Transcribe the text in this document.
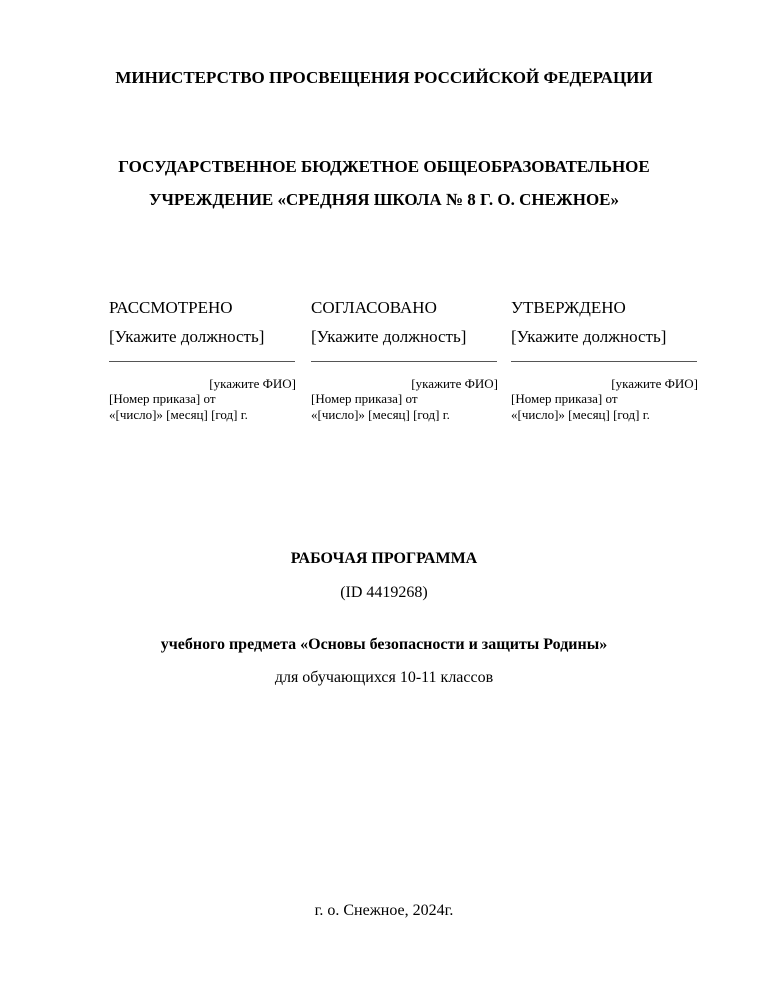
МИНИСТЕРСТВО ПРОСВЕЩЕНИЯ РОССИЙСКОЙ ФЕДЕРАЦИИ
ГОСУДАРСТВЕННОЕ БЮДЖЕТНОЕ ОБЩЕОБРАЗОВАТЕЛЬНОЕ
УЧРЕЖДЕНИЕ «СРЕДНЯЯ ШКОЛА № 8 Г. О. СНЕЖНОЕ»
РАССМОТРЕНО
[Укажите должность]
[укажите ФИО]
[Номер приказа] от
«[число]» [месяц] [год] г.
СОГЛАСОВАНО
[Укажите должность]
[укажите ФИО]
[Номер приказа] от
«[число]» [месяц] [год] г.
УТВЕРЖДЕНО
[Укажите должность]
[укажите ФИО]
[Номер приказа] от
«[число]» [месяц] [год] г.
РАБОЧАЯ ПРОГРАММА
(ID 4419268)
учебного предмета «Основы безопасности и защиты Родины»
для обучающихся 10-11 классов
г. о. Снежное, 2024г.
